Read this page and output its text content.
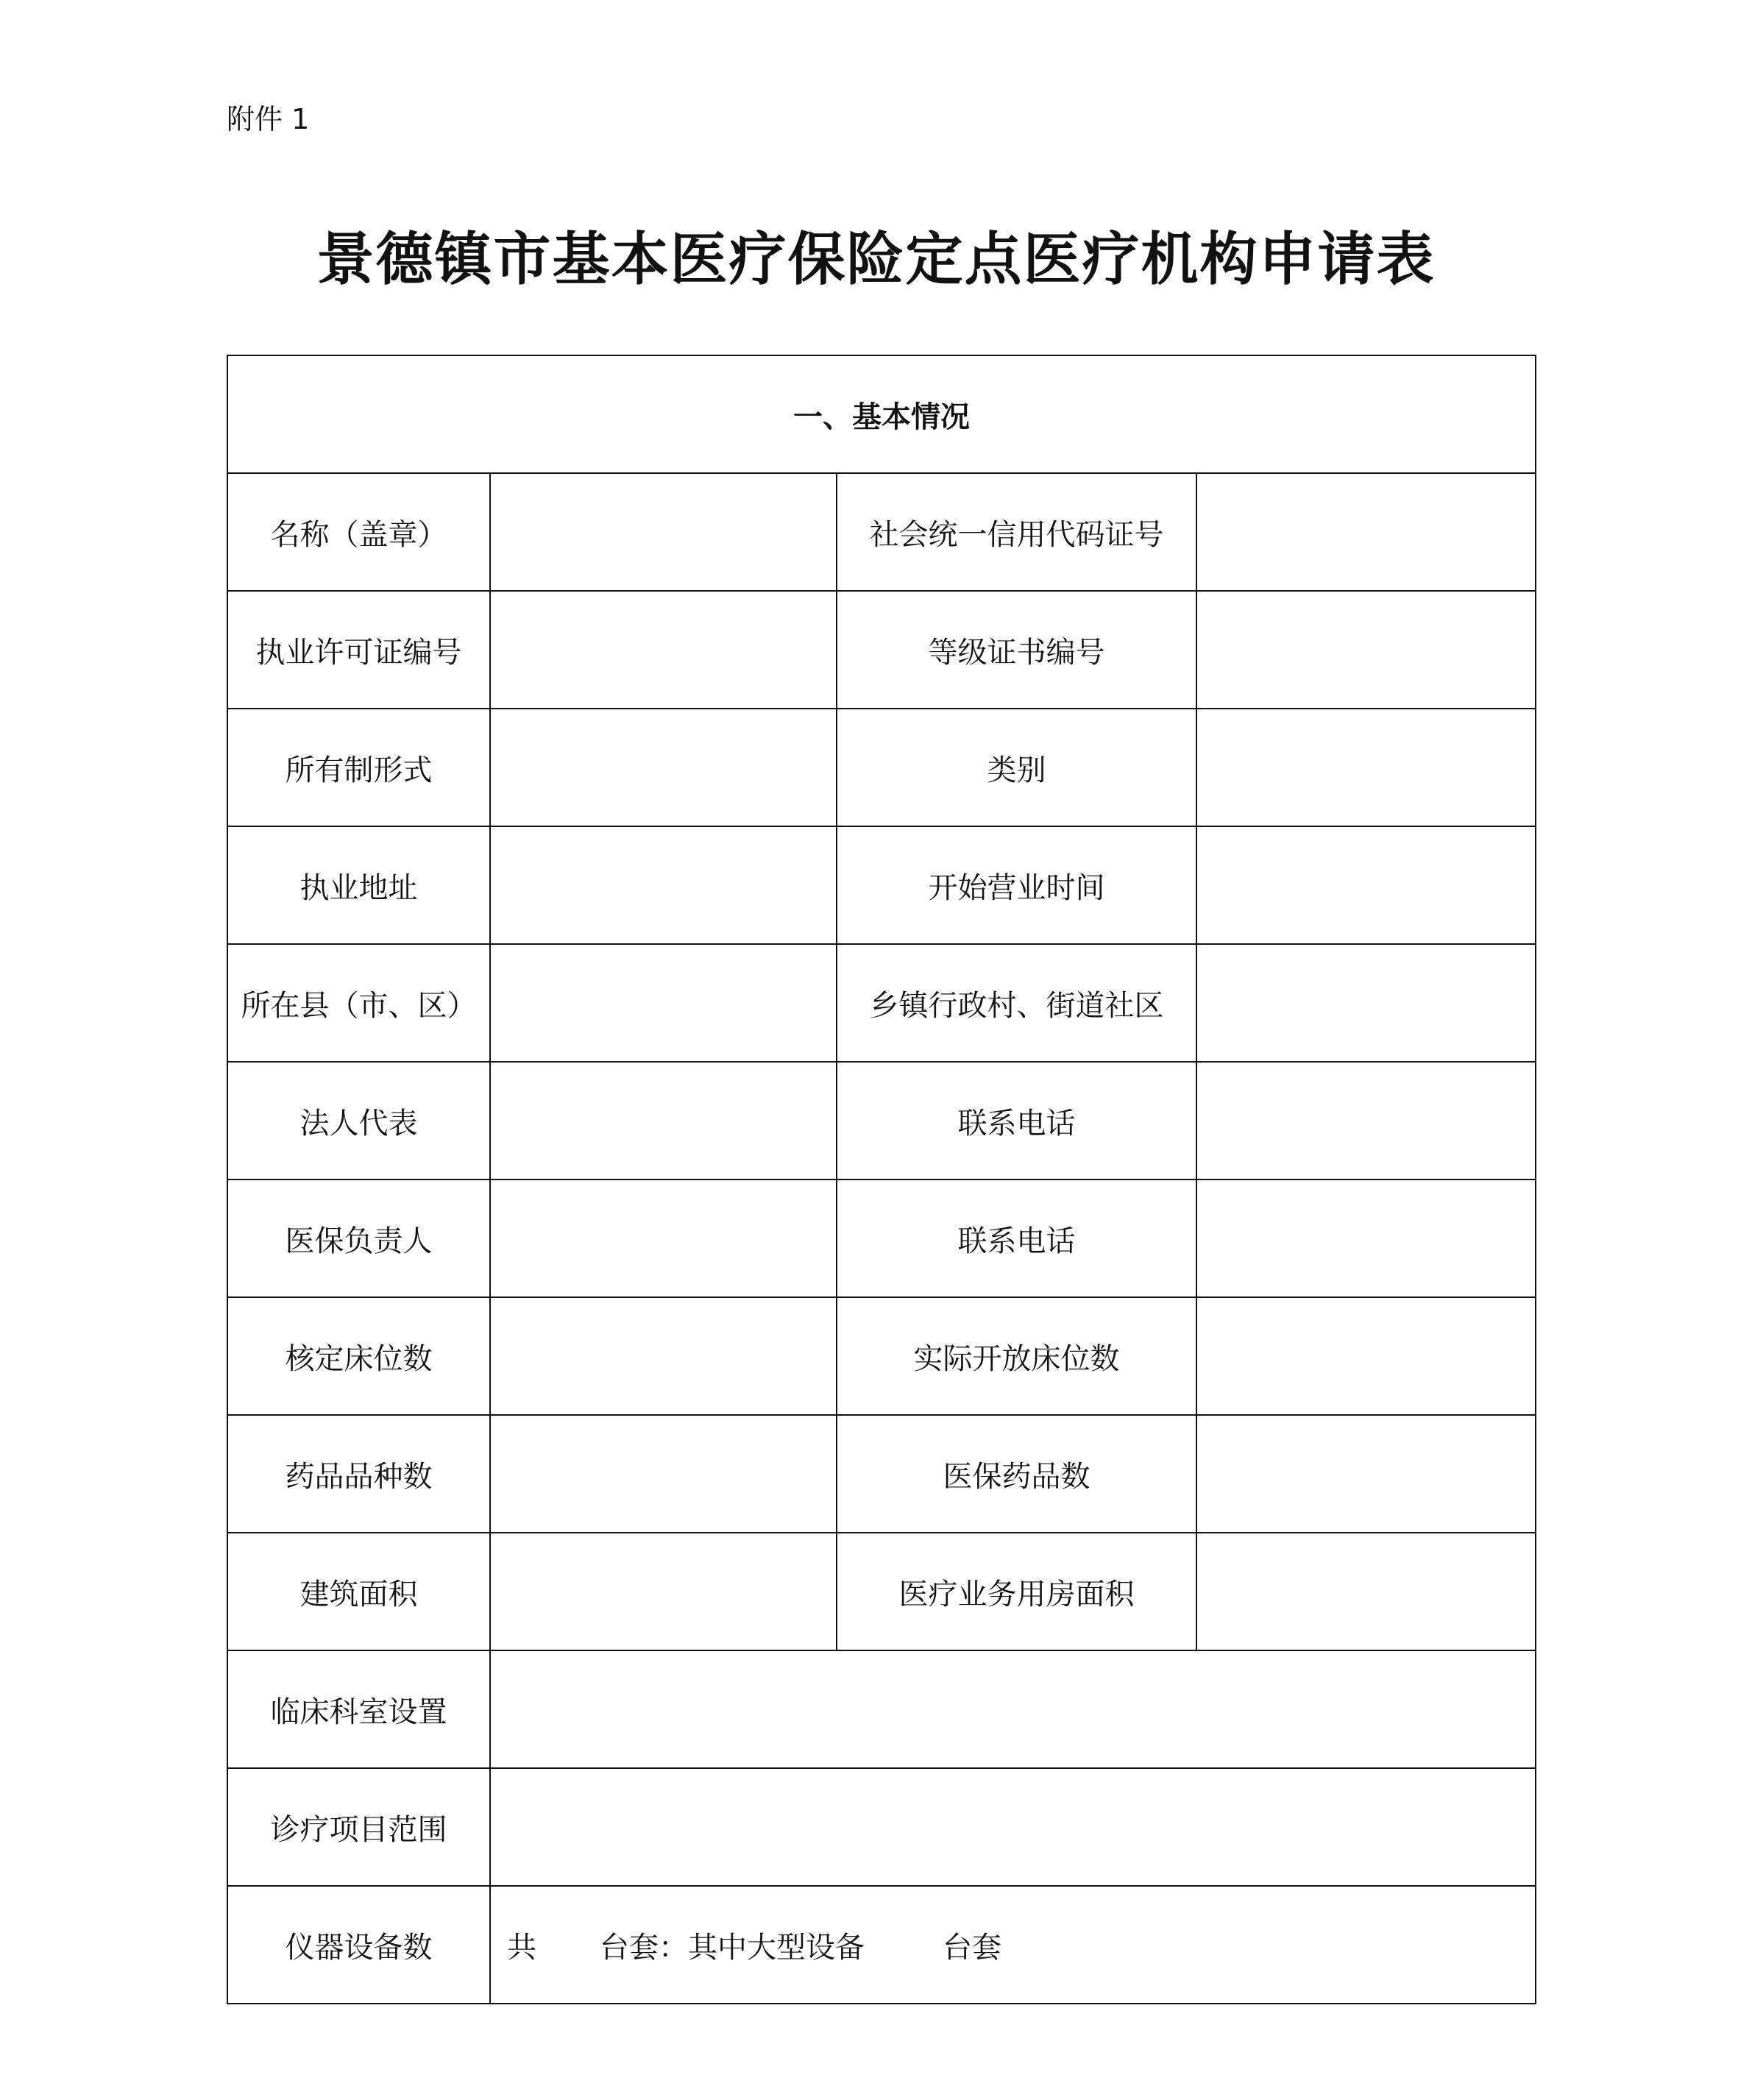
附件 1
景德镇市基本医疗保险定点医疗机构申请表
一、基本情况			
名称（盖章）		社会统一信用代码证号	
执业许可证编号		等级证书编号	
所有制形式		类别	
执业地址		开始营业时间	
所在县（市、区）		乡镇行政村、街道社区	
法人代表		联系电话	
医保负责人		联系电话	
核定床位数		实际开放床位数	
药品品种数		医保药品数	
建筑面积		医疗业务用房面积	
临床科室设置			
诊疗项目范围			
仪器设备数	共 台套：其中大型设备 台套		
